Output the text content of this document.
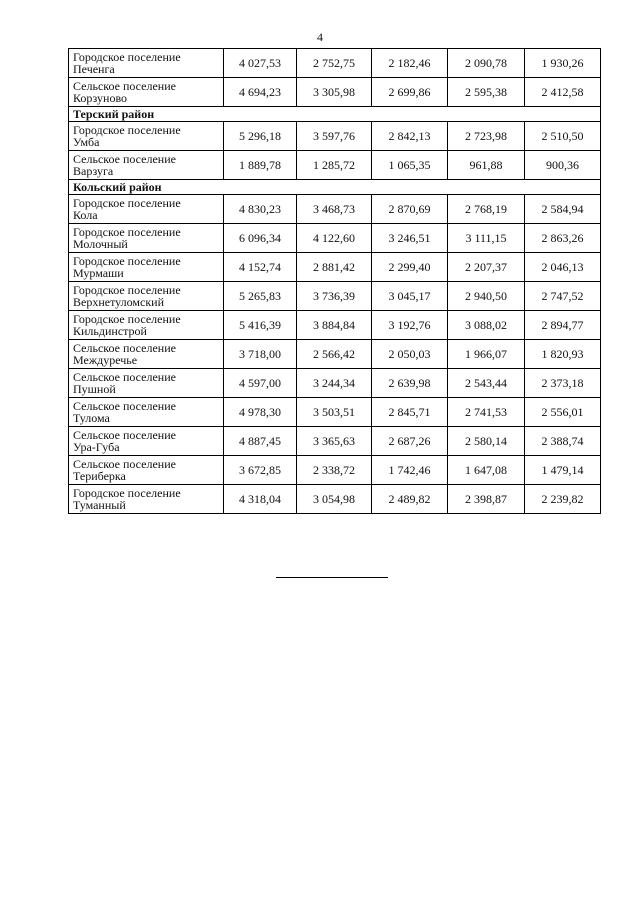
4
Городское поселение
Печенга	4 027,53	2 752,75	2 182,46	2 090,78	1 930,26

Сельское поселение
Корзуново	4 694,23	3 305,98	2 699,86	2 595,38	2 412,58
Терский район					

Городское поселение
Умба	5 296,18	3 597,76	2 842,13	2 723,98	2 510,50

Сельское поселение
Варзуга	1 889,78	1 285,72	1 065,35	961,88	900,36
Кольский район					

Городское поселение
Кола	4 830,23	3 468,73	2 870,69	2 768,19	2 584,94

Городское поселение
Молочный	6 096,34	4 122,60	3 246,51	3 111,15	2 863,26

Городское поселение
Мурмаши	4 152,74	2 881,42	2 299,40	2 207,37	2 046,13

Городское поселение
Верхнетуломский	5 265,83	3 736,39	3 045,17	2 940,50	2 747,52

Городское поселение
Кильдинстрой	5 416,39	3 884,84	3 192,76	3 088,02	2 894,77

Сельское поселение
Междуречье	3 718,00	2 566,42	2 050,03	1 966,07	1 820,93

Сельское поселение
Пушной	4 597,00	3 244,34	2 639,98	2 543,44	2 373,18

Сельское поселение
Тулома	4 978,30	3 503,51	2 845,71	2 741,53	2 556,01

Сельское поселение
Ура-Губа	4 887,45	3 365,63	2 687,26	2 580,14	2 388,74

Сельское поселение
Териберка	3 672,85	2 338,72	1 742,46	1 647,08	1 479,14

Городское поселение
Туманный	4 318,04	3 054,98	2 489,82	2 398,87	2 239,82
